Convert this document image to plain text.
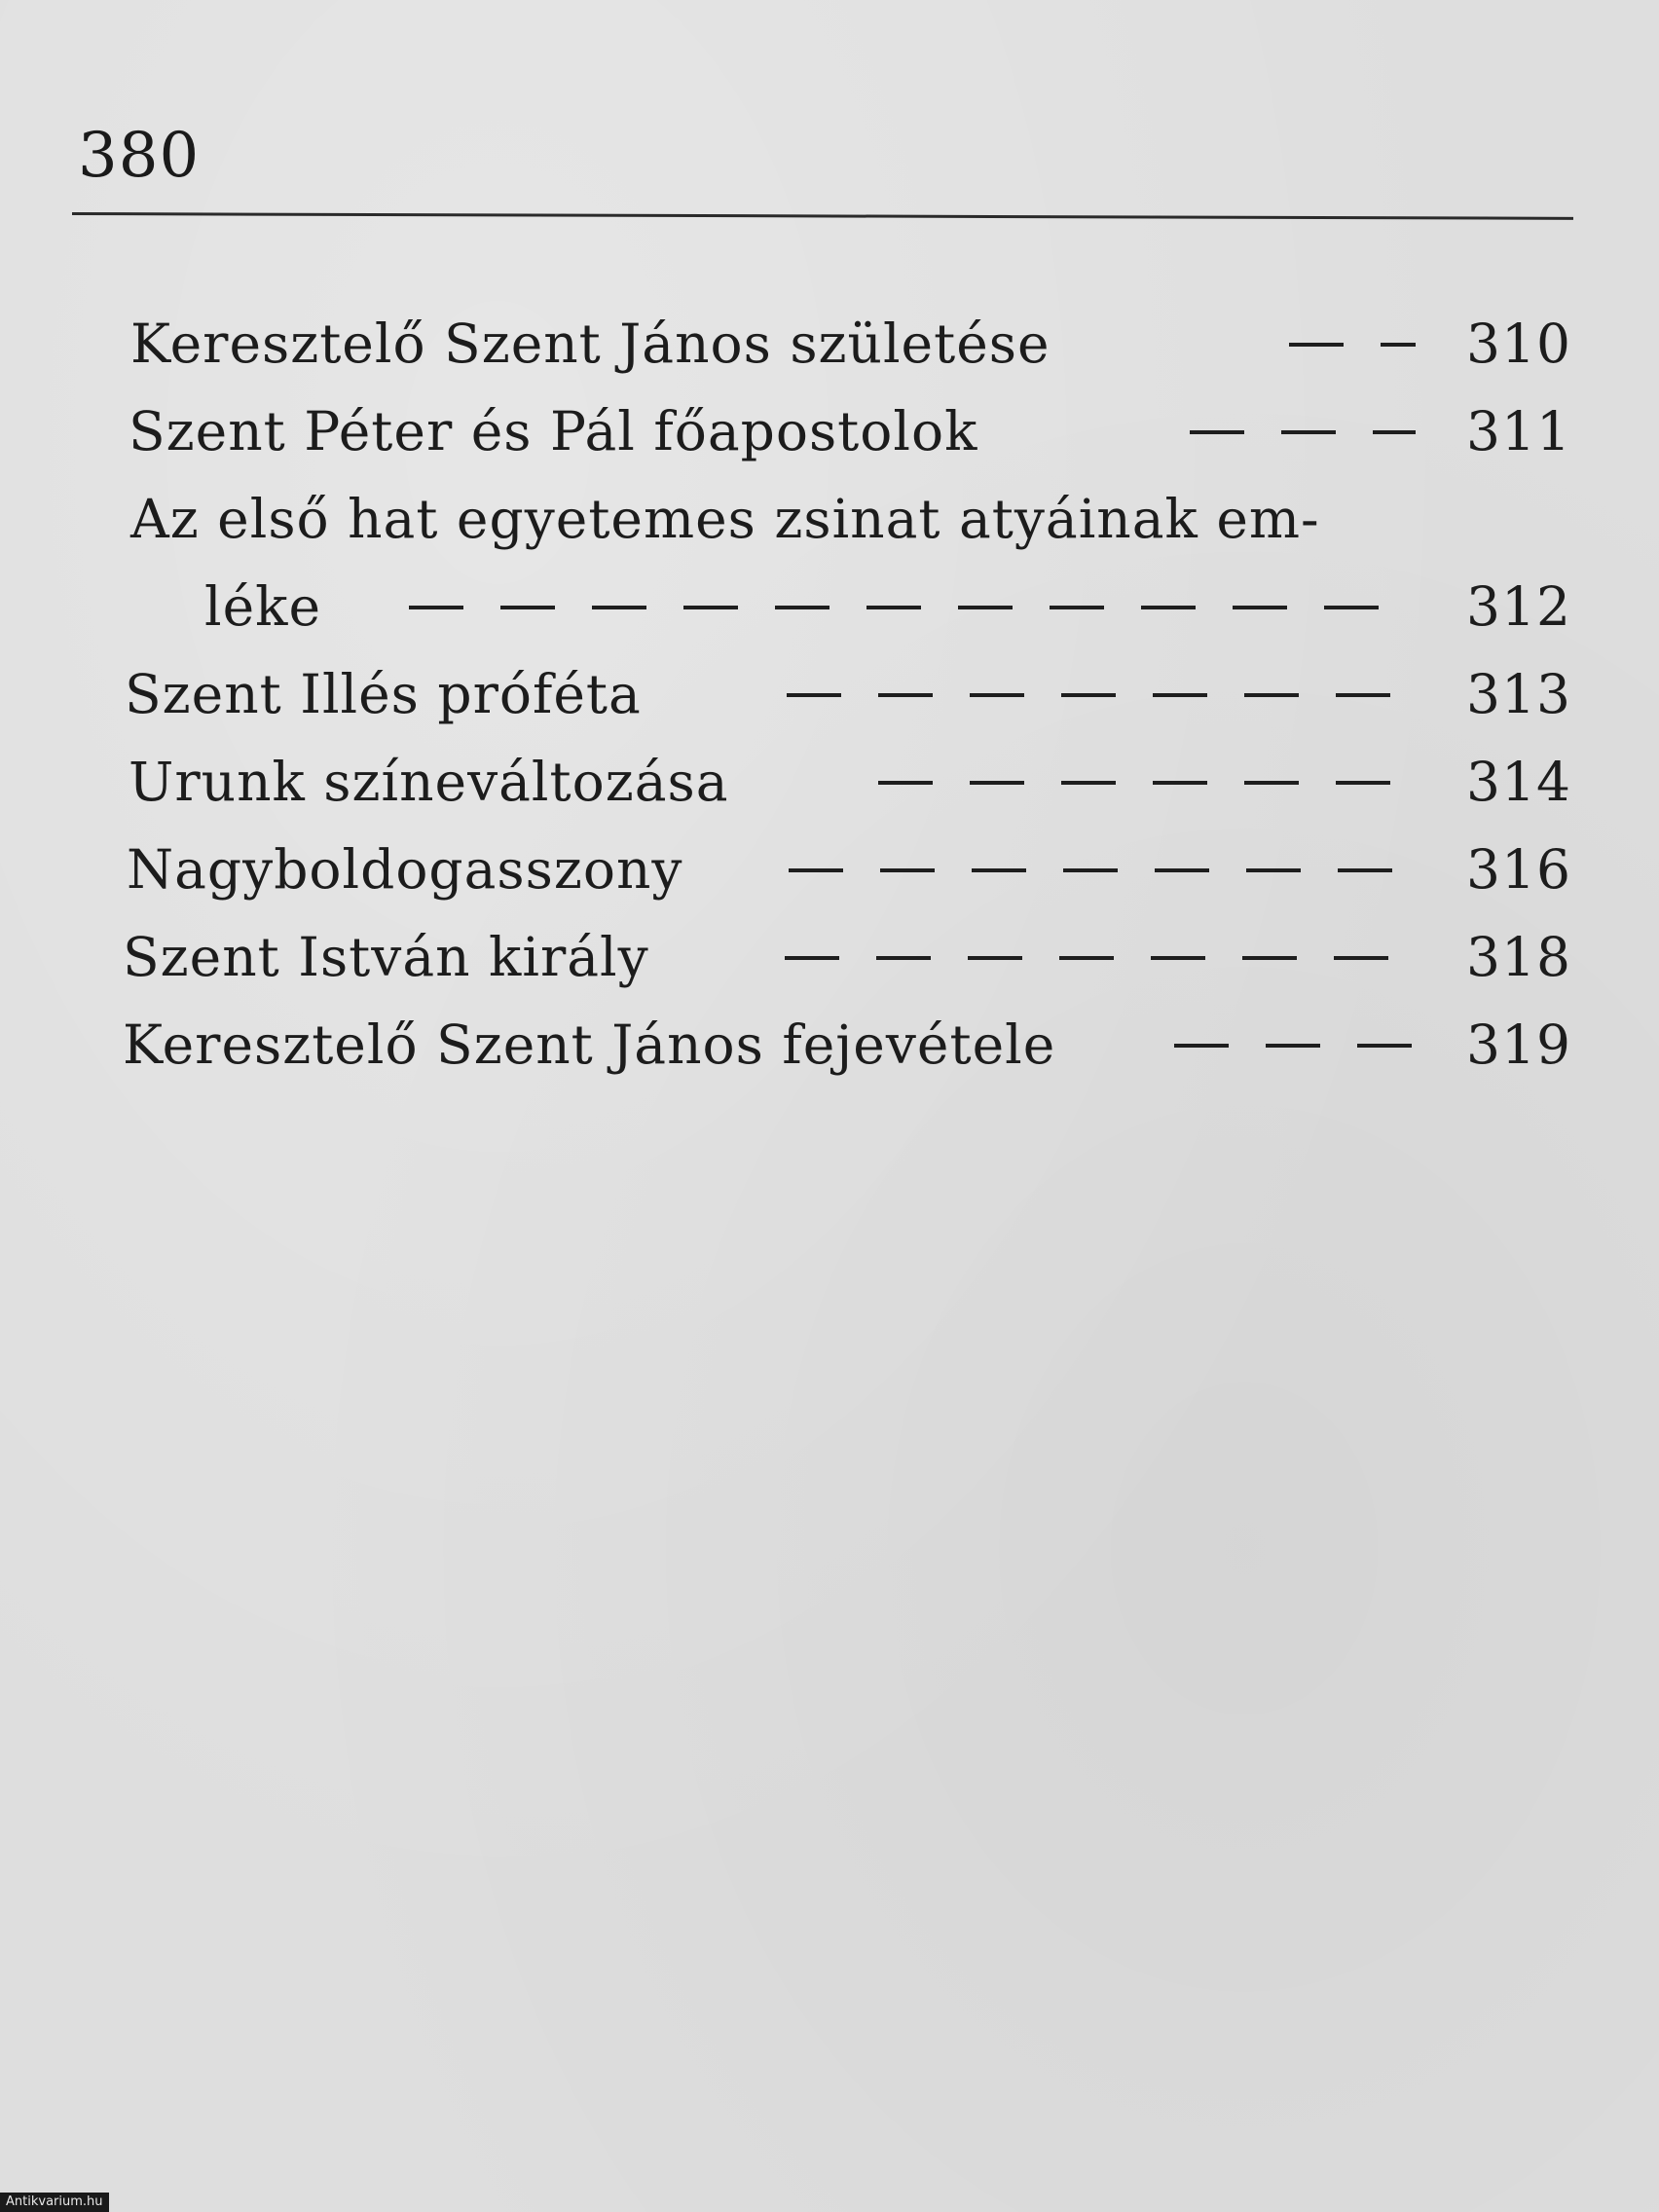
380
Keresztelő Szent János születése	310
Szent Péter és Pál főapostolok	311
Az első hat egyetemes zsinat atyáinak em-
léke	312
Szent Illés próféta	313
Urunk színeváltozása	314
Nagyboldogasszony	316
Szent István király	318
Keresztelő Szent János fejevétele	319
Antikvarium.hu
